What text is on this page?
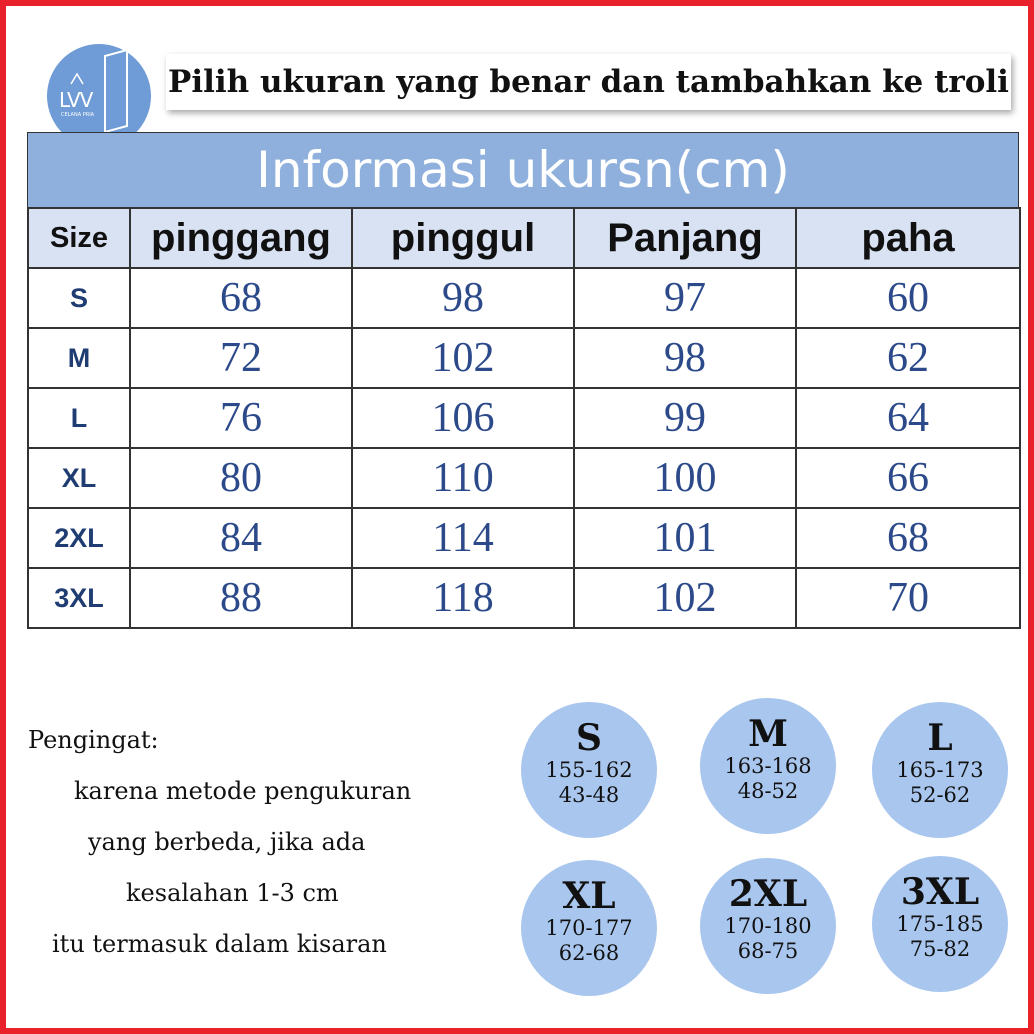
LVV
CELANA PRIA
Pilih ukuran yang benar dan tambahkan ke troli
Informasi ukursn(cm)
Size	pinggang	pinggul	Panjang	paha
S	68	98	97	60
M	72	102	98	62
L	76	106	99	64
XL	80	110	100	66
2XL	84	114	101	68
3XL	88	118	102	70
Pengingat:
karena metode pengukuran
yang berbeda, jika ada
kesalahan 1-3 cm
itu termasuk dalam kisaran
S
155-162
43-48
M
163-168
48-52
L
165-173
52-62
XL
170-177
62-68
2XL
170-180
68-75
3XL
175-185
75-82
